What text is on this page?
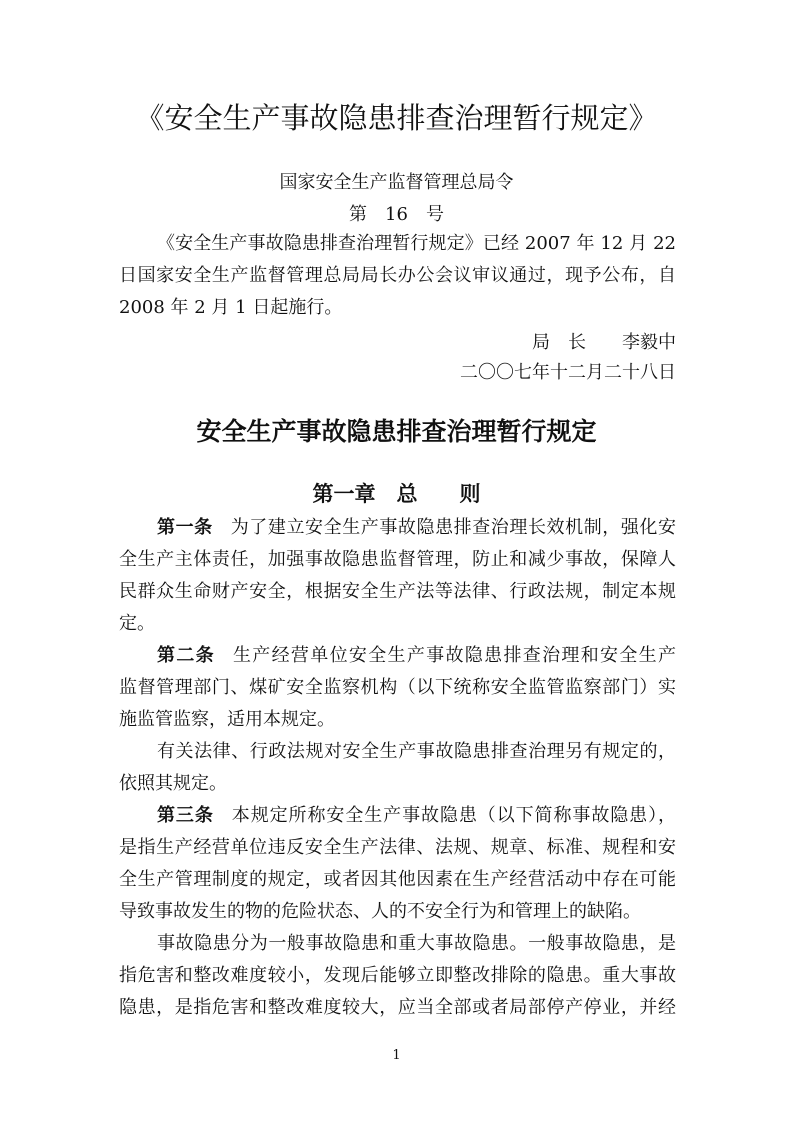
《安全生产事故隐患排查治理暂行规定》
国家安全生产监督管理总局令
第　16　号
《安全生产事故隐患排查治理暂行规定》已经 2007 年 12 月 22
日国家安全生产监督管理总局局长办公会议审议通过，现予公布，自
2008 年 2 月 1 日起施行。
局　长　　李毅中
二〇〇七年十二月二十八日
安全生产事故隐患排查治理暂行规定
第一章　总　　则
第一条 为了建立安全生产事故隐患排查治理长效机制，强化安
全生产主体责任，加强事故隐患监督管理，防止和减少事故，保障人
民群众生命财产安全，根据安全生产法等法律、行政法规，制定本规
定。
第二条 生产经营单位安全生产事故隐患排查治理和安全生产
监督管理部门、煤矿安全监察机构（以下统称安全监管监察部门）实
施监管监察，适用本规定。
有关法律、行政法规对安全生产事故隐患排查治理另有规定的，
依照其规定。
第三条 本规定所称安全生产事故隐患（以下简称事故隐患），
是指生产经营单位违反安全生产法律、法规、规章、标准、规程和安
全生产管理制度的规定，或者因其他因素在生产经营活动中存在可能
导致事故发生的物的危险状态、人的不安全行为和管理上的缺陷。
事故隐患分为一般事故隐患和重大事故隐患。一般事故隐患，是
指危害和整改难度较小，发现后能够立即整改排除的隐患。重大事故
隐患，是指危害和整改难度较大，应当全部或者局部停产停业，并经
1
